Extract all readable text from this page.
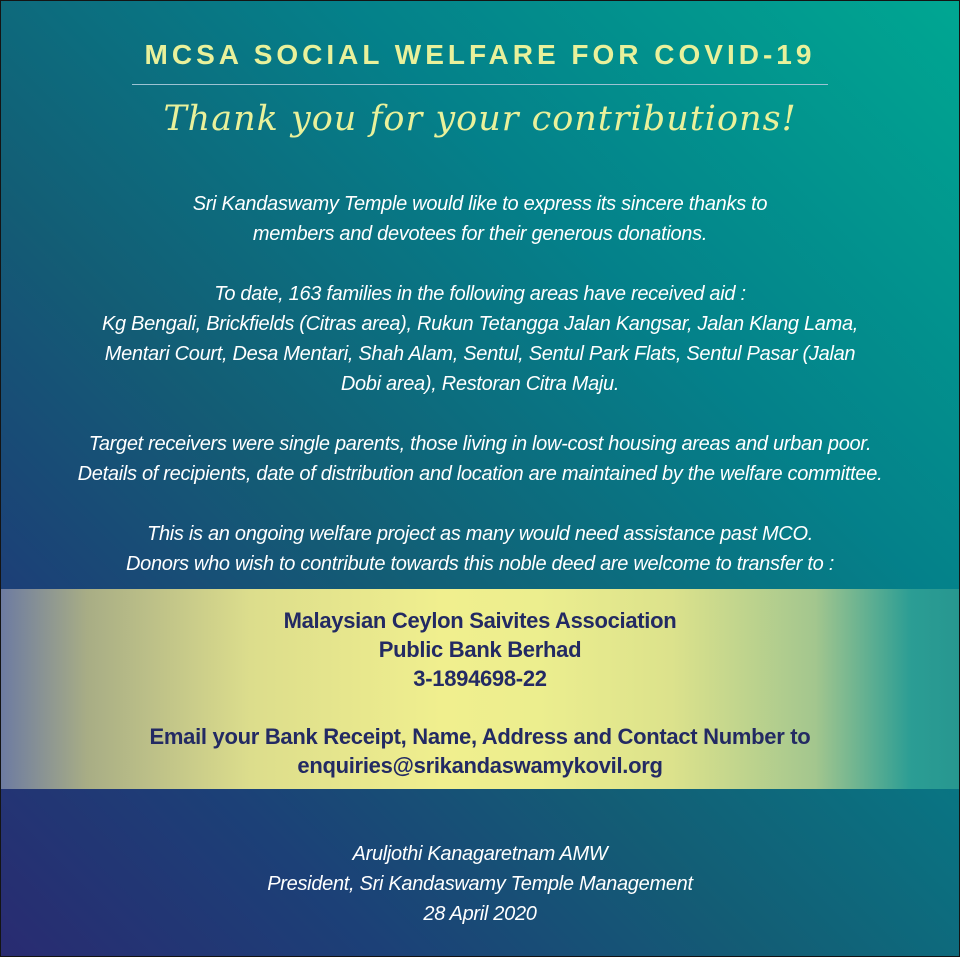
MCSA SOCIAL WELFARE FOR COVID-19
Thank you for your contributions!
Sri Kandaswamy Temple would like to express its sincere thanks to
members and devotees for their generous donations.
To date, 163 families in the following areas have received aid :
Kg Bengali, Brickfields (Citras area), Rukun Tetangga Jalan Kangsar, Jalan Klang Lama,
Mentari Court, Desa Mentari, Shah Alam, Sentul, Sentul Park Flats, Sentul Pasar (Jalan
Dobi area), Restoran Citra Maju.
Target receivers were single parents, those living in low-cost housing areas and urban poor.
Details of recipients, date of distribution and location are maintained by the welfare committee.
This is an ongoing welfare project as many would need assistance past MCO.
Donors who wish to contribute towards this noble deed are welcome to transfer to :
Malaysian Ceylon Saivites Association
Public Bank Berhad
3-1894698-22
Email your Bank Receipt, Name, Address and Contact Number to
enquiries@srikandaswamykovil.org
Aruljothi Kanagaretnam AMW
President, Sri Kandaswamy Temple Management
28 April 2020
